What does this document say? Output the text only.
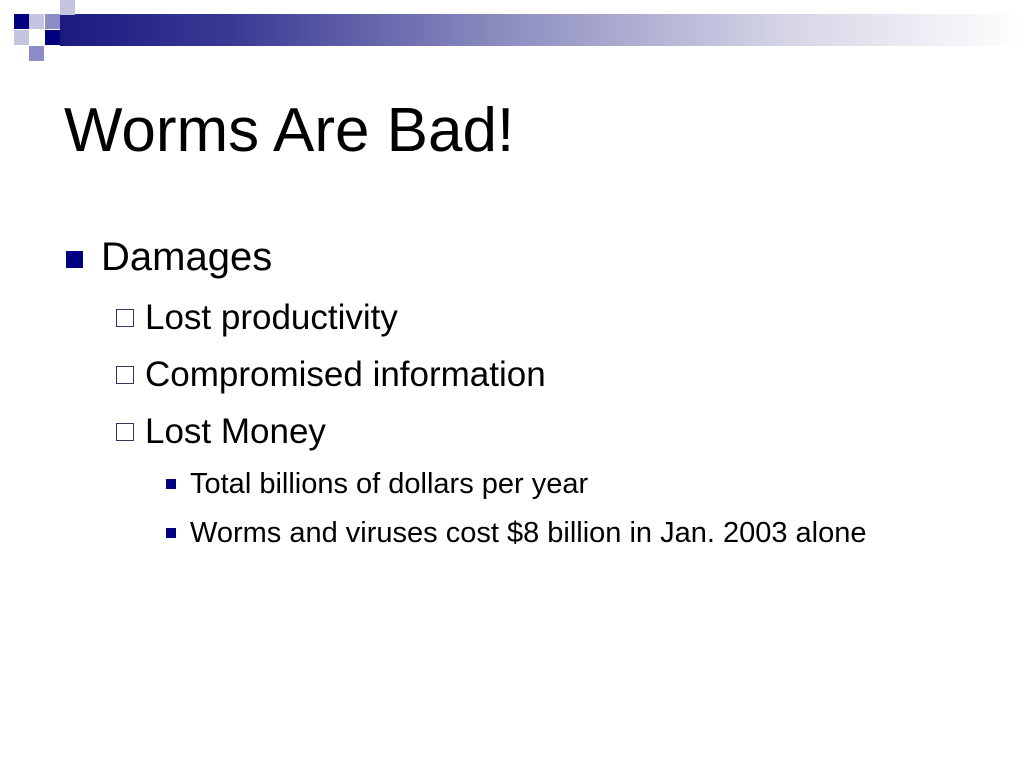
Worms Are Bad!
Damages
Lost productivity
Compromised information
Lost Money
Total billions of dollars per year
Worms and viruses cost $8 billion in Jan. 2003 alone
